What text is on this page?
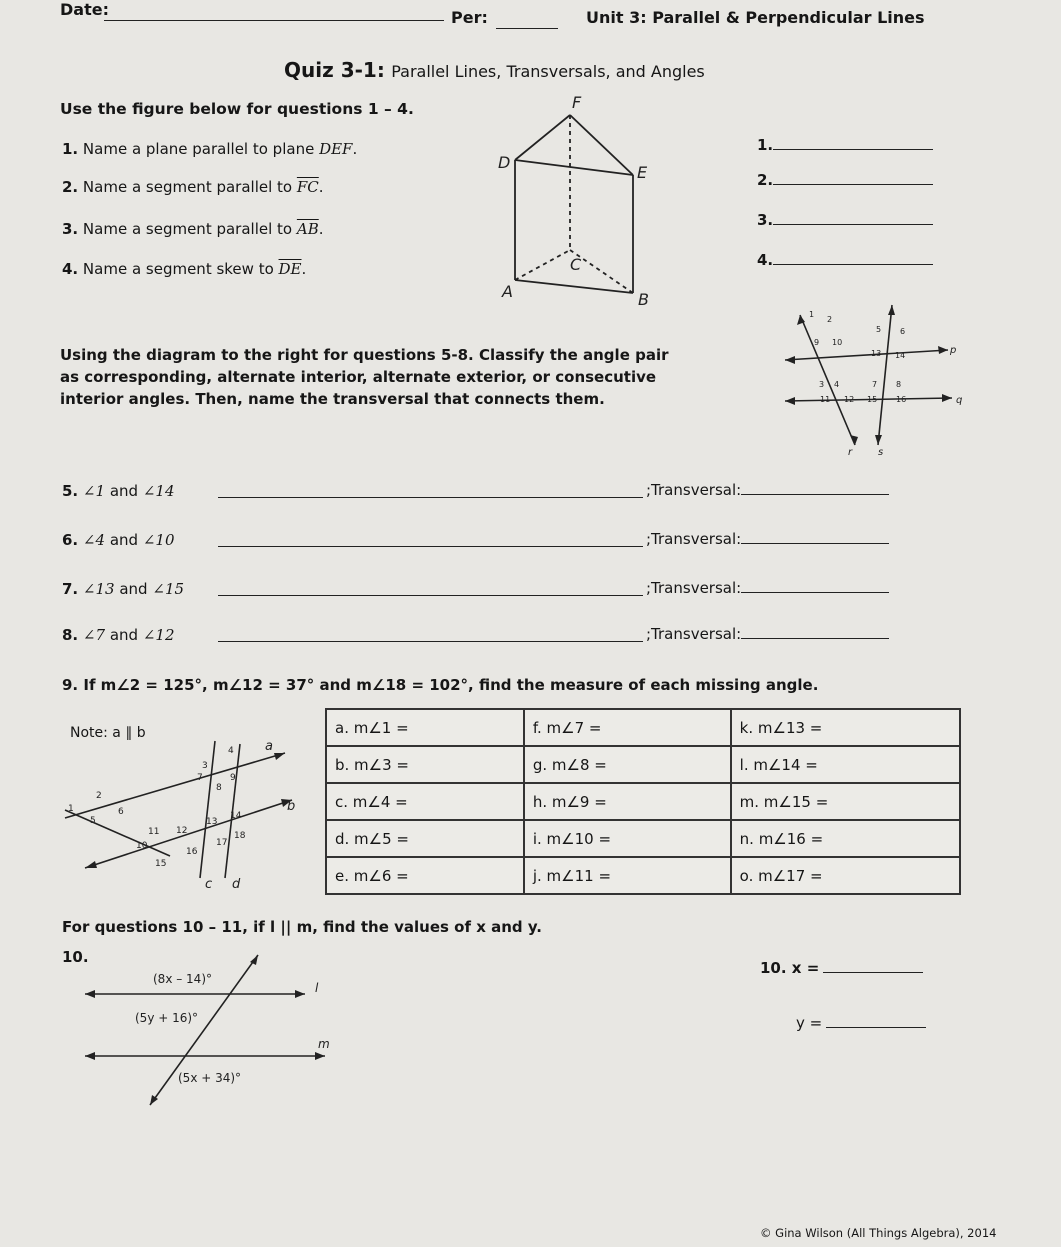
Date:	Per:	Unit 3: Parallel & Perpendicular Lines
Quiz 3-1: Parallel Lines, Transversals, and Angles
Use the figure below for questions 1 – 4.
1. Name a plane parallel to plane DEF.
2. Name a segment parallel to $\overline{FC}$.
3. Name a segment parallel to $\overline{AB}$.
4. Name a segment skew to $\overline{DE}$.
1.
2.
3.
4.
F
D
E
C
A	B
Using the diagram to the right for questions 5-8. Classify the angle pair
as corresponding, alternate interior, alternate exterior, or consecutive
interior angles. Then, name the transversal that connects them.
1
2
5 6
9 10
13 14
3 4	7 8
11 12 15 16
p
q
r	s
5. ∠1 and ∠14	;Transversal:
6. ∠4 and ∠10	;Transversal:
7. ∠13 and ∠15	;Transversal:
8. ∠7 and ∠12	;Transversal:
9. If m∠2 = 125°, m∠12 = 37° and m∠18 = 102°, find the measure of each missing angle.
Note: a ∥ b
1
2
3
4
5
6
7
8
9
10
11 12
13
14
15
16
17
18
a
b
c d
a. m∠1 =	f. m∠7 =	k. m∠13 =
b. m∠3 =	g. m∠8 =	l. m∠14 =
c. m∠4 =	h. m∠9 =	m. m∠15 =
d. m∠5 =	i. m∠10 =	n. m∠16 =
e. m∠6 =	j. m∠11 =	o. m∠17 =
For questions 10 – 11, if l || m, find the values of x and y.
10.
(8x – 14)°
(5y + 16)°
(5x + 34)°
l
m
10. x =
y =
© Gina Wilson (All Things Algebra), 2014
